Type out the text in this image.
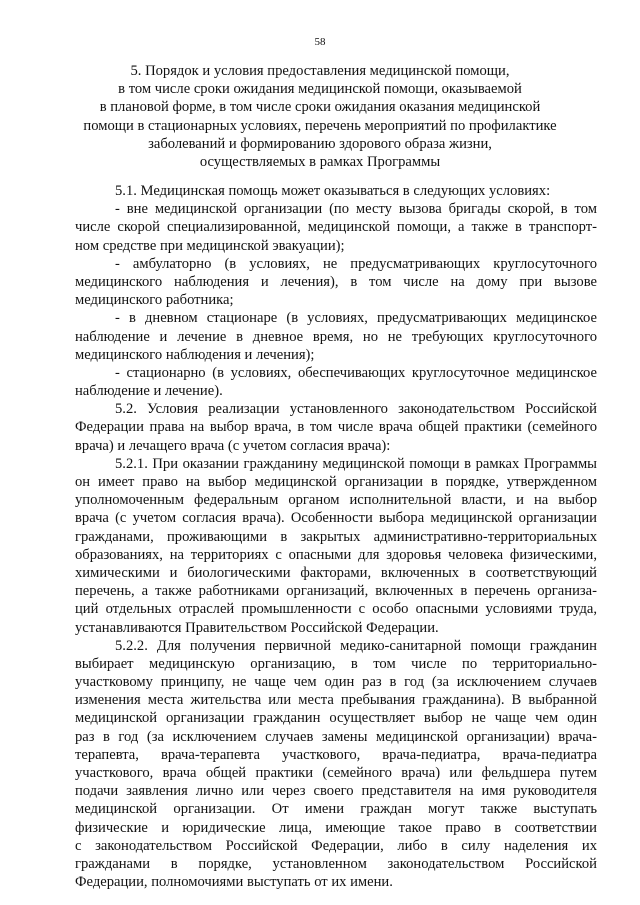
58
5. Порядок и условия предоставления медицинской помощи,
в том числе сроки ожидания медицинской помощи, оказываемой
в плановой форме, в том числе сроки ожидания оказания медицинской
помощи в стационарных условиях, перечень мероприятий по профилактике
заболеваний и формированию здорового образа жизни,
осуществляемых в рамках Программы
5.1. Медицинская помощь может оказываться в следующих условиях:
- вне медицинской организации (по месту вызова бригады скорой, в том
числе скорой специализированной, медицинской помощи, а также в транспорт-
ном средстве при медицинской эвакуации);
- амбулаторно (в условиях, не предусматривающих круглосуточного
медицинского наблюдения и лечения), в том числе на дому при вызове
медицинского работника;
- в дневном стационаре (в условиях, предусматривающих медицинское
наблюдение и лечение в дневное время, но не требующих круглосуточного
медицинского наблюдения и лечения);
- стационарно (в условиях, обеспечивающих круглосуточное медицинское
наблюдение и лечение).
5.2. Условия реализации установленного законодательством Российской
Федерации права на выбор врача, в том числе врача общей практики (семейного
врача) и лечащего врача (с учетом согласия врача):
5.2.1. При оказании гражданину медицинской помощи в рамках Программы
он имеет право на выбор медицинской организации в порядке, утвержденном
уполномоченным федеральным органом исполнительной власти, и на выбор
врача (с учетом согласия врача). Особенности выбора медицинской организации
гражданами, проживающими в закрытых административно-территориальных
образованиях, на территориях с опасными для здоровья человека физическими,
химическими и биологическими факторами, включенных в соответствующий
перечень, а также работниками организаций, включенных в перечень организа-
ций отдельных отраслей промышленности с особо опасными условиями труда,
устанавливаются Правительством Российской Федерации.
5.2.2. Для получения первичной медико-санитарной помощи гражданин
выбирает медицинскую организацию, в том числе по территориально-
участковому принципу, не чаще чем один раз в год (за исключением случаев
изменения места жительства или места пребывания гражданина). В выбранной
медицинской организации гражданин осуществляет выбор не чаще чем один
раз в год (за исключением случаев замены медицинской организации) врача-
терапевта, врача-терапевта участкового, врача-педиатра, врача-педиатра
участкового, врача общей практики (семейного врача) или фельдшера путем
подачи заявления лично или через своего представителя на имя руководителя
медицинской организации. От имени граждан могут также выступать
физические и юридические лица, имеющие такое право в соответствии
с законодательством Российской Федерации, либо в силу наделения их
гражданами в порядке, установленном законодательством Российской
Федерации, полномочиями выступать от их имени.
